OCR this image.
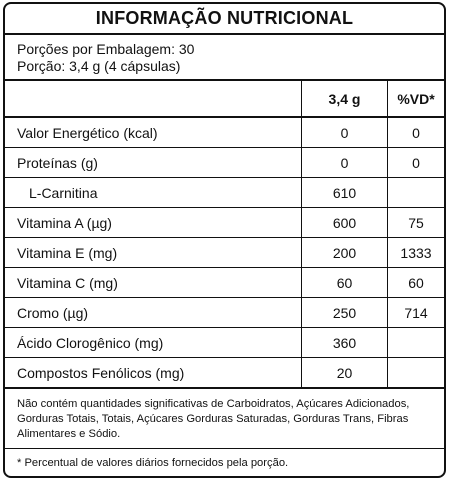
INFORMAÇÃO NUTRICIONAL
Porções por Embalagem: 30
Porção: 3,4 g (4 cápsulas)
	3,4 g	%VD*
Valor Energético (kcal)	0	0
Proteínas (g)	0	0
L-Carnitina	610	
Vitamina A (µg)	600	75
Vitamina E (mg)	200	1333
Vitamina C (mg)	60	60
Cromo (µg)	250	714
Ácido Clorogênico (mg)	360	
Compostos Fenólicos (mg)	20	
Não contém quantidades significativas de Carboidratos, Açúcares Adicionados, Gorduras Totais, Totais, Açúcares Gorduras Saturadas, Gorduras Trans, Fibras Alimentares e Sódio.
* Percentual de valores diários fornecidos pela porção.
